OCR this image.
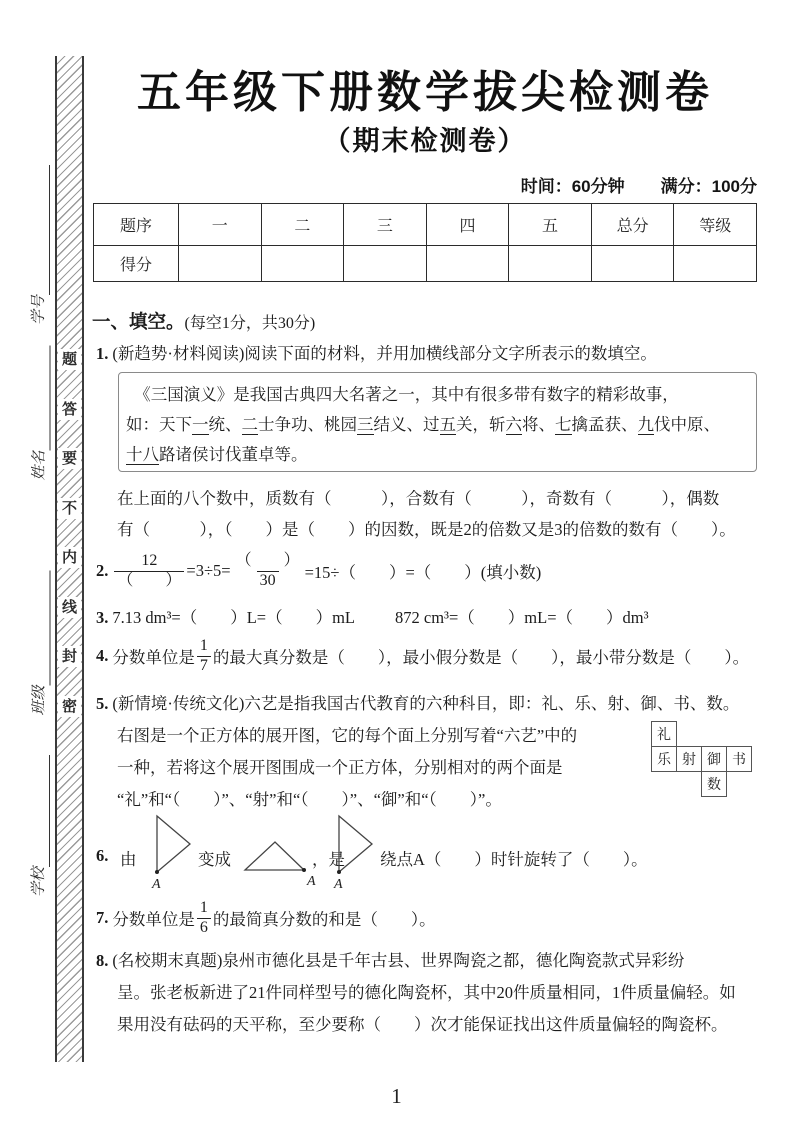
题
答
要
不
内
线
封
密
学号
姓名
班级
学校
五年级下册数学拔尖检测卷
（期末检测卷）
时间：60分钟 满分：100分
题序	一	二	三	四	五	总分	等级
得分
一、填空。(每空1分，共30分)
1. (新趋势·材料阅读)阅读下面的材料，并用加横线部分文字所表示的数填空。
　《三国演义》是我国古典四大名著之一，其中有很多带有数字的精彩故事，
如：天下一统、二士争功、桃园三结义、过五关，斩六将、七擒孟获、九伐中原、
十八路诸侯讨伐董卓等。
在上面的八个数中，质数有（　　　），合数有（　　　），奇数有（　　　），偶数
有（　　　），（　　）是（　　）的因数，既是2的倍数又是3的倍数的数有（　　）。
2. $\frac{12}{( )} =3\div 5= \frac{( )}{30} =15\div$（　　）=（　　）(填小数)
3. 7.13 dm³=（　　）L=（　　）mL 872 cm³=（　　）mL=（　　）dm³
4. 分数单位是 $\frac{1}{7}$ 的最大真分数是（　　），最小假分数是（　　），最小带分数是（　　）。
5. (新情境·传统文化)六艺是指我国古代教育的六种科目，即：礼、乐、射、御、书、数。
右图是一个正方体的展开图，它的每个面上分别写着“六艺”中的
一种，若将这个展开图围成一个正方体，分别相对的两个面是
“礼”和“（　　）”、“射”和“（　　）”、“御”和“（　　）”。
礼
乐 射 御 书
数
6. 由
A
变成
A
，是
A
绕点A（　　）时针旋转了（　　）。
7. 分数单位是 $\frac{1}{6}$ 的最简真分数的和是（　　）。
8. (名校期末真题)泉州市德化县是千年古县、世界陶瓷之都，德化陶瓷款式异彩纷
呈。张老板新进了21件同样型号的德化陶瓷杯，其中20件质量相同，1件质量偏轻。如
果用没有砝码的天平称，至少要称（　　）次才能保证找出这件质量偏轻的陶瓷杯。
1
